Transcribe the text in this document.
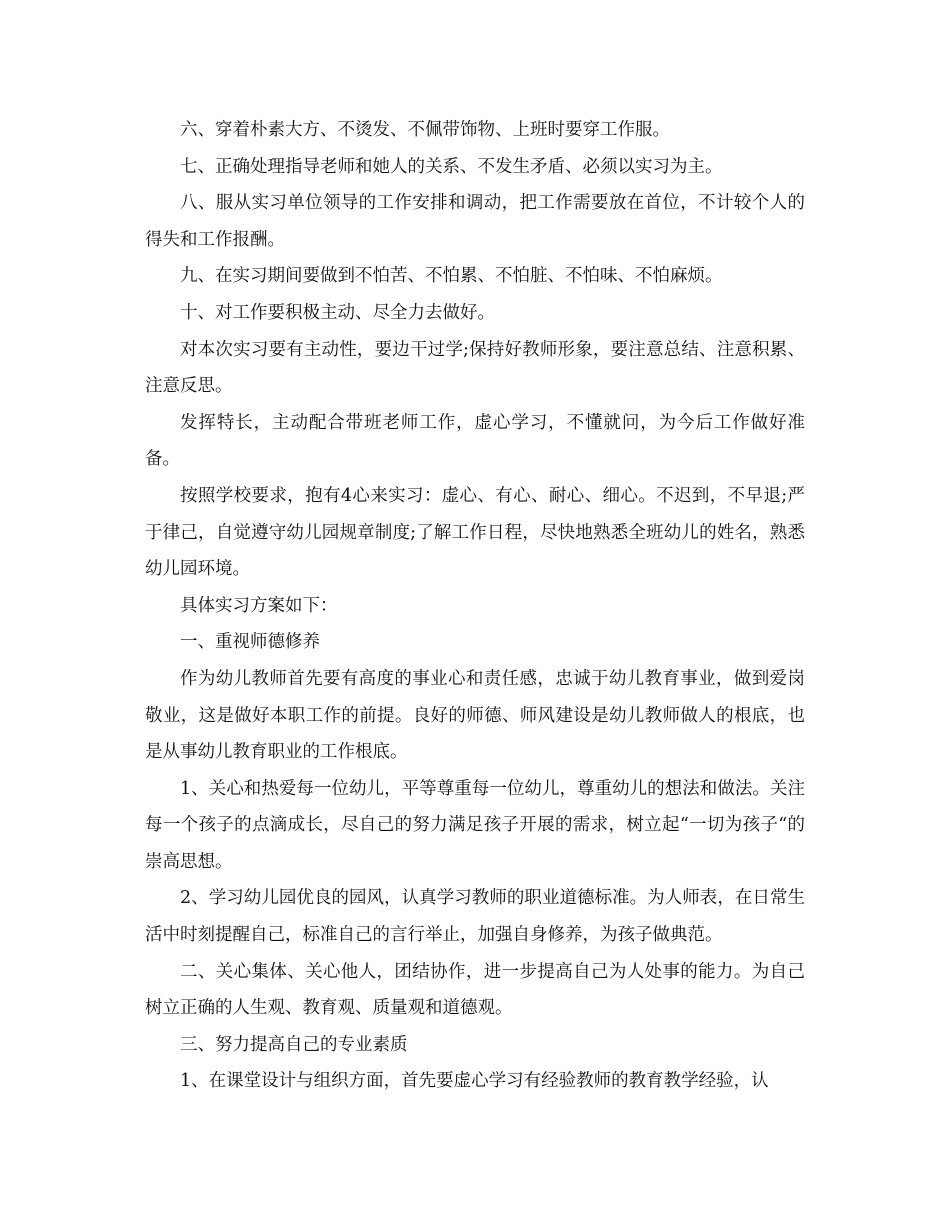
六、穿着朴素大方、不烫发、不佩带饰物、上班时要穿工作服。

七、正确处理指导老师和她人的关系、不发生矛盾、必须以实习为主。

八、服从实习单位领导的工作安排和调动，把工作需要放在首位，不计较个人的得失和工作报酬。

九、在实习期间要做到不怕苦、不怕累、不怕脏、不怕味、不怕麻烦。

十、对工作要积极主动、尽全力去做好。

对本次实习要有主动性，要边干过学;保持好教师形象，要注意总结、注意积累、注意反思。

发挥特长，主动配合带班老师工作，虚心学习，不懂就问，为今后工作做好准备。

按照学校要求，抱有4心来实习：虚心、有心、耐心、细心。不迟到，不早退;严于律己，自觉遵守幼儿园规章制度;了解工作日程，尽快地熟悉全班幼儿的姓名，熟悉幼儿园环境。

具体实习方案如下：

一、重视师德修养

作为幼儿教师首先要有高度的事业心和责任感，忠诚于幼儿教育事业，做到爱岗敬业，这是做好本职工作的前提。良好的师德、师风建设是幼儿教师做人的根底，也是从事幼儿教育职业的工作根底。

1、关心和热爱每一位幼儿，平等尊重每一位幼儿，尊重幼儿的想法和做法。关注每一个孩子的点滴成长，尽自己的努力满足孩子开展的需求，树立起“一切为孩子“的崇高思想。

2、学习幼儿园优良的园风，认真学习教师的职业道德标准。为人师表，在日常生活中时刻提醒自己，标准自己的言行举止，加强自身修养，为孩子做典范。

二、关心集体、关心他人，团结协作，进一步提高自己为人处事的能力。为自己树立正确的人生观、教育观、质量观和道德观。

三、努力提高自己的专业素质

1、在课堂设计与组织方面，首先要虚心学习有经验教师的教育教学经验，认
